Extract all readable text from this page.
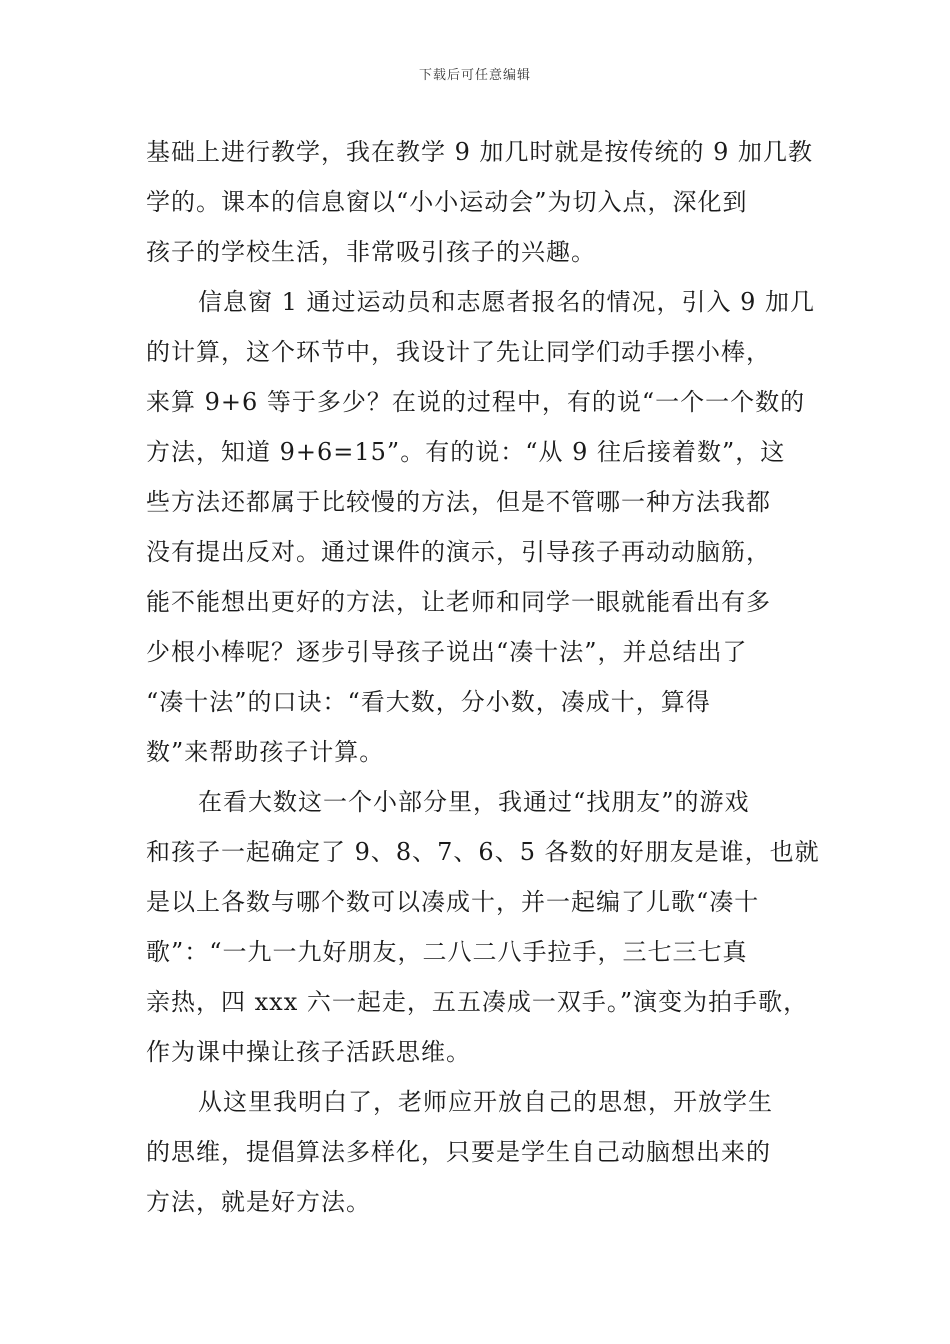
下载后可任意编辑
基础上进行教学，我在教学 9 加几时就是按传统的 9 加几教
学的。课本的信息窗以“小小运动会”为切入点，深化到
孩子的学校生活，非常吸引孩子的兴趣。
信息窗 1 通过运动员和志愿者报名的情况，引入 9 加几
的计算，这个环节中，我设计了先让同学们动手摆小棒，
来算 9+6 等于多少？在说的过程中，有的说“一个一个数的
方法，知道 9+6=15”。有的说：“从 9 往后接着数”，这
些方法还都属于比较慢的方法，但是不管哪一种方法我都
没有提出反对。通过课件的演示，引导孩子再动动脑筋，
能不能想出更好的方法，让老师和同学一眼就能看出有多
少根小棒呢？逐步引导孩子说出“凑十法”，并总结出了
“凑十法”的口诀：“看大数，分小数，凑成十，算得
数”来帮助孩子计算。
在看大数这一个小部分里，我通过“找朋友”的游戏
和孩子一起确定了 9、8、7、6、5 各数的好朋友是谁，也就
是以上各数与哪个数可以凑成十，并一起编了儿歌“凑十
歌”：“一九一九好朋友，二八二八手拉手，三七三七真
亲热，四 xxx 六一起走，五五凑成一双手。”演变为拍手歌，
作为课中操让孩子活跃思维。
从这里我明白了，老师应开放自己的思想，开放学生
的思维，提倡算法多样化，只要是学生自己动脑想出来的
方法，就是好方法。
